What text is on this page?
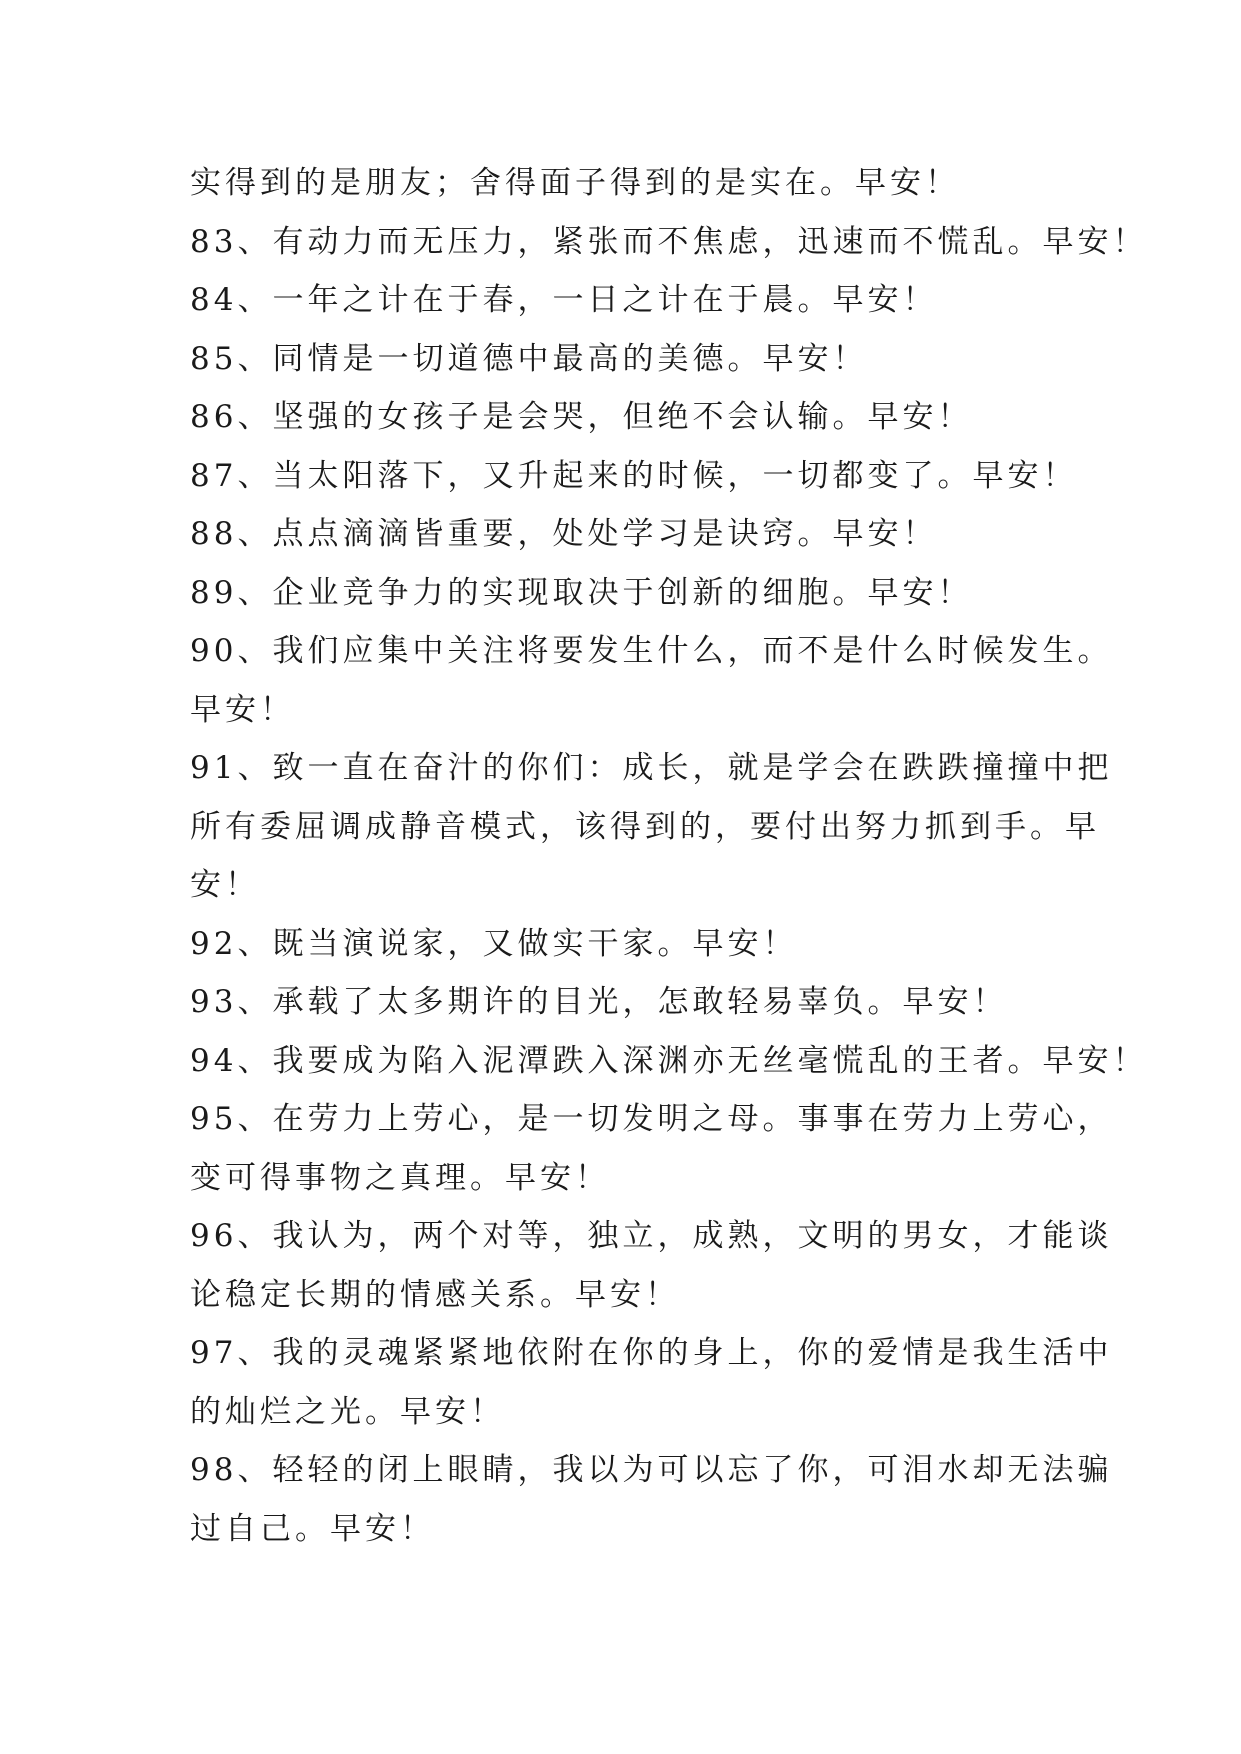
实得到的是朋友；舍得面子得到的是实在。早安！
83、有动力而无压力，紧张而不焦虑，迅速而不慌乱。早安！
84、一年之计在于春，一日之计在于晨。早安！
85、同情是一切道德中最高的美德。早安！
86、坚强的女孩子是会哭，但绝不会认输。早安！
87、当太阳落下，又升起来的时候，一切都变了。早安！
88、点点滴滴皆重要，处处学习是诀窍。早安！
89、企业竞争力的实现取决于创新的细胞。早安！
90、我们应集中关注将要发生什么，而不是什么时候发生。
早安！
91、致一直在奋汁的你们：成长，就是学会在跌跌撞撞中把
所有委屈调成静音模式，该得到的，要付出努力抓到手。早
安！
92、既当演说家，又做实干家。早安！
93、承载了太多期许的目光，怎敢轻易辜负。早安！
94、我要成为陷入泥潭跌入深渊亦无丝毫慌乱的王者。早安！
95、在劳力上劳心，是一切发明之母。事事在劳力上劳心，
变可得事物之真理。早安！
96、我认为，两个对等，独立，成熟，文明的男女，才能谈
论稳定长期的情感关系。早安！
97、我的灵魂紧紧地依附在你的身上，你的爱情是我生活中
的灿烂之光。早安！
98、轻轻的闭上眼睛，我以为可以忘了你，可泪水却无法骗
过自己。早安！
